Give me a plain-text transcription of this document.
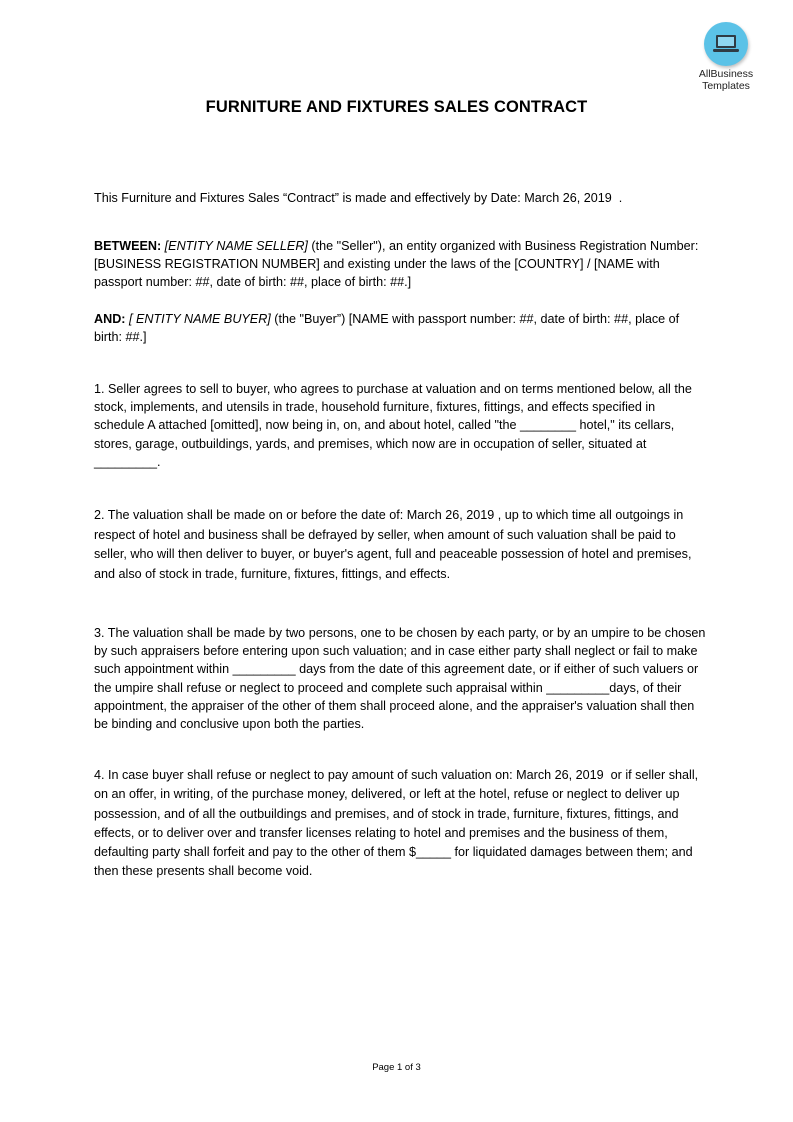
AllBusiness
Templates
FURNITURE AND FIXTURES SALES CONTRACT
This Furniture and Fixtures Sales “Contract” is made and effectively by Date: March 26, 2019  .
BETWEEN: [ENTITY NAME SELLER] (the "Seller"), an entity organized with Business Registration Number: [BUSINESS REGISTRATION NUMBER] and existing under the laws of the [COUNTRY] / [NAME with passport number: ##, date of birth: ##, place of birth: ##.]
AND: [ ENTITY NAME BUYER] (the "Buyer”) [NAME with passport number: ##, date of birth: ##, place of birth: ##.]
1. Seller agrees to sell to buyer, who agrees to purchase at valuation and on terms mentioned below, all the stock, implements, and utensils in trade, household furniture, fixtures, fittings, and effects specified in schedule A attached [omitted], now being in, on, and about hotel, called "the ________ hotel," its cellars, stores, garage, outbuildings, yards, and premises, which now are in occupation of seller, situated at _________.
2. The valuation shall be made on or before the date of: March 26, 2019 , up to which time all outgoings in respect of hotel and business shall be defrayed by seller, when amount of such valuation shall be paid to seller, who will then deliver to buyer, or buyer's agent, full and peaceable possession of hotel and premises, and also of stock in trade, furniture, fixtures, fittings, and effects.
3. The valuation shall be made by two persons, one to be chosen by each party, or by an umpire to be chosen by such appraisers before entering upon such valuation; and in case either party shall neglect or fail to make such appointment within _________ days from the date of this agreement date, or if either of such valuers or the umpire shall refuse or neglect to proceed and complete such appraisal within _________days, of their appointment, the appraiser of the other of them shall proceed alone, and the appraiser's valuation shall then be binding and conclusive upon both the parties.
4. In case buyer shall refuse or neglect to pay amount of such valuation on: March 26, 2019  or if seller shall, on an offer, in writing, of the purchase money, delivered, or left at the hotel, refuse or neglect to deliver up possession, and of all the outbuildings and premises, and of stock in trade, furniture, fixtures, fittings, and effects, or to deliver over and transfer licenses relating to hotel and premises and the business of them, defaulting party shall forfeit and pay to the other of them $_____ for liquidated damages between them; and then these presents shall become void.
Page 1 of 3
